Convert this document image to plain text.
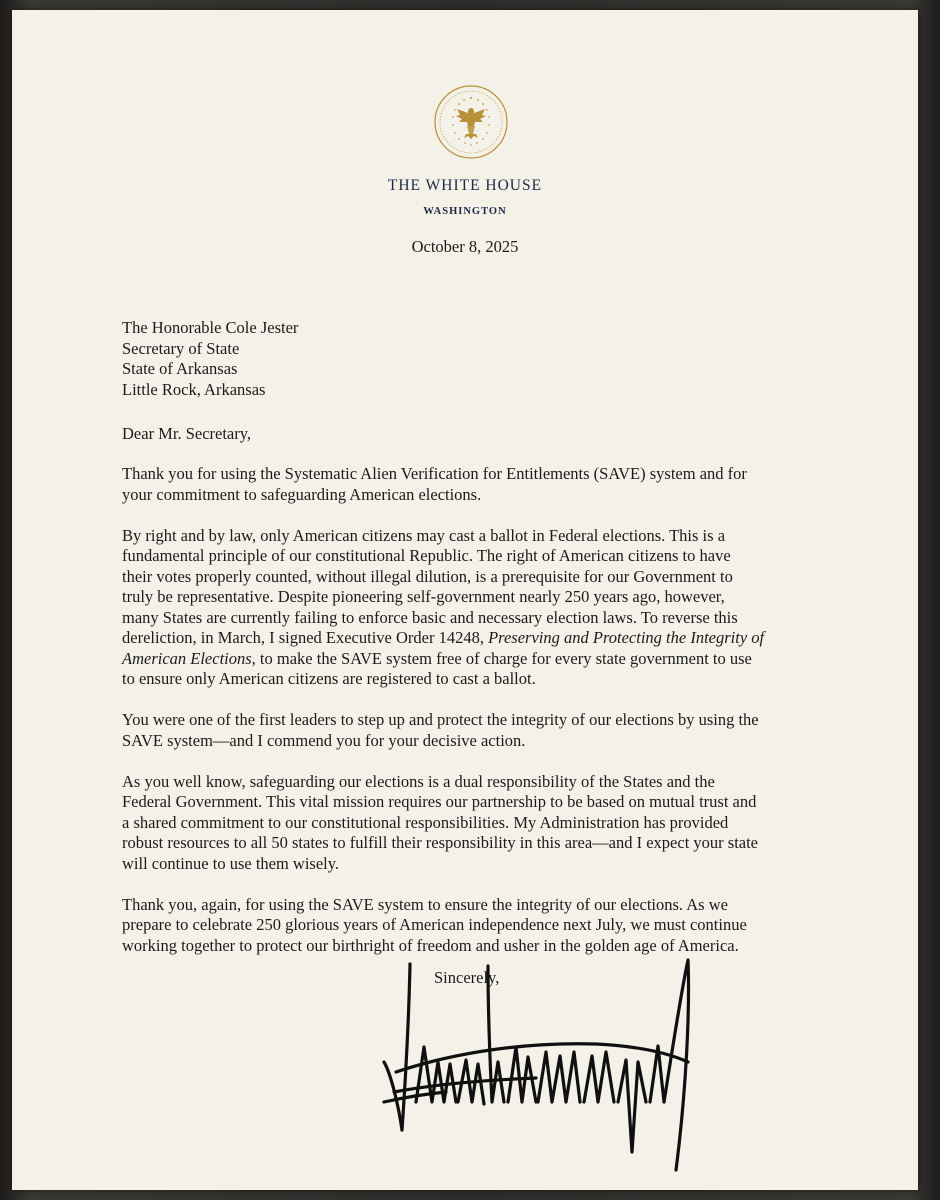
THE WHITE HOUSE
WASHINGTON
October 8, 2025
The Honorable Cole Jester
Secretary of State
State of Arkansas
Little Rock, Arkansas
Dear Mr. Secretary,

Thank you for using the Systematic Alien Verification for Entitlements (SAVE) system and for
your commitment to safeguarding American elections.

By right and by law, only American citizens may cast a ballot in Federal elections. This is a
fundamental principle of our constitutional Republic. The right of American citizens to have
their votes properly counted, without illegal dilution, is a prerequisite for our Government to
truly be representative. Despite pioneering self-government nearly 250 years ago, however,
many States are currently failing to enforce basic and necessary election laws. To reverse this
dereliction, in March, I signed Executive Order 14248, Preserving and Protecting the Integrity of
American Elections, to make the SAVE system free of charge for every state government to use
to ensure only American citizens are registered to cast a ballot.

You were one of the first leaders to step up and protect the integrity of our elections by using the
SAVE system—and I commend you for your decisive action.

As you well know, safeguarding our elections is a dual responsibility of the States and the
Federal Government. This vital mission requires our partnership to be based on mutual trust and
a shared commitment to our constitutional responsibilities. My Administration has provided
robust resources to all 50 states to fulfill their responsibility in this area—and I expect your state
will continue to use them wisely.

Thank you, again, for using the SAVE system to ensure the integrity of our elections. As we
prepare to celebrate 250 glorious years of American independence next July, we must continue
working together to protect our birthright of freedom and usher in the golden age of America.

Sincerely,
